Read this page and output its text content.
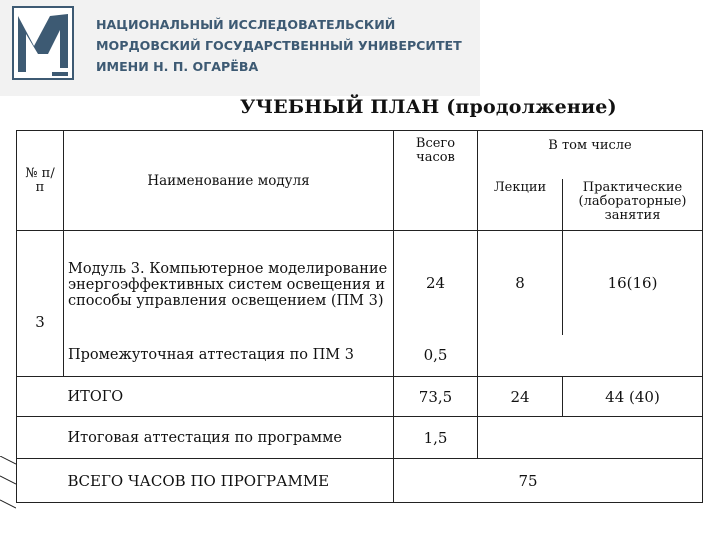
НАЦИОНАЛЬНЫЙ ИССЛЕДОВАТЕЛЬСКИЙ
МОРДОВСКИЙ ГОСУДАРСТВЕННЫЙ УНИВЕРСИТЕТ
ИМЕНИ Н. П. ОГАРЁВА
УЧЕБНЫЙ ПЛАН (продолжение)
№ п/п	Наименование модуля	Всего часов	В том числе	
			Лекции	Практические (лабораторные) занятия
3	Модуль 3. Компьютерное моделирование энергоэффективных систем освещения и способы управления освещением (ПМ 3)	24	8	16(16)
	Промежуточная аттестация по ПМ 3	0,5		
	ИТОГО	73,5	24	44 (40)
	Итоговая аттестация по программе	1,5		
	ВСЕГО ЧАСОВ ПО ПРОГРАММЕ	75		
